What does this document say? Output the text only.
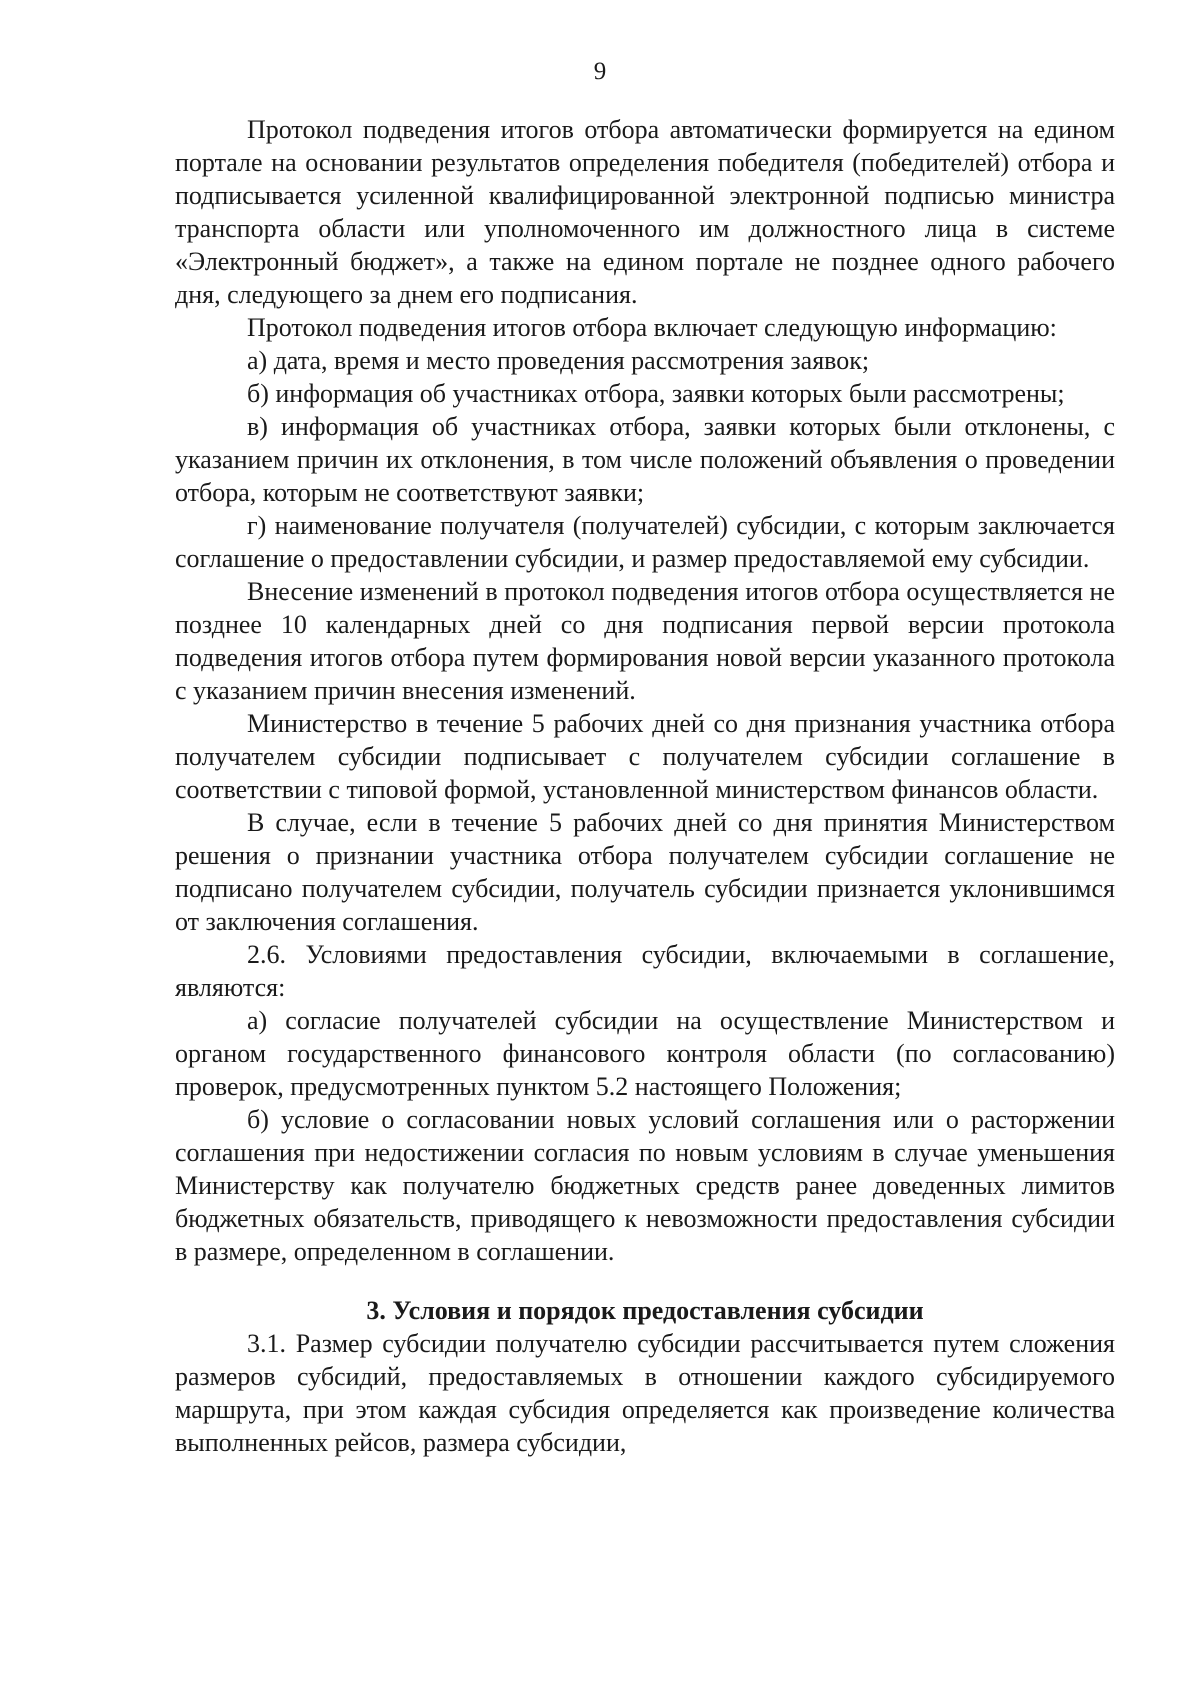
9

Протокол подведения итогов отбора автоматически формируется на едином портале на основании результатов определения победителя (победителей) отбора и подписывается усиленной квалифицированной электронной подписью министра транспорта области или уполномоченного им должностного лица в системе «Электронный бюджет», а также на едином портале не позднее одного рабочего дня, следующего за днем его подписания.

Протокол подведения итогов отбора включает следующую информацию:

а) дата, время и место проведения рассмотрения заявок;

б) информация об участниках отбора, заявки которых были рассмотрены;

в) информация об участниках отбора, заявки которых были отклонены, с указанием причин их отклонения, в том числе положений объявления о проведении отбора, которым не соответствуют заявки;

г) наименование получателя (получателей) субсидии, с которым заключается соглашение о предоставлении субсидии, и размер предоставляемой ему субсидии.

Внесение изменений в протокол подведения итогов отбора осуществляется не позднее 10 календарных дней со дня подписания первой версии протокола подведения итогов отбора путем формирования новой версии указанного протокола с указанием причин внесения изменений.

Министерство в течение 5 рабочих дней со дня признания участника отбора получателем субсидии подписывает с получателем субсидии соглашение в соответствии с типовой формой, установленной министерством финансов области.

В случае, если в течение 5 рабочих дней со дня принятия Министерством решения о признании участника отбора получателем субсидии соглашение не подписано получателем субсидии, получатель субсидии признается уклонившимся от заключения соглашения.

2.6. Условиями предоставления субсидии, включаемыми в соглашение, являются:

а) согласие получателей субсидии на осуществление Министерством и органом государственного финансового контроля области (по согласованию) проверок, предусмотренных пунктом 5.2 настоящего Положения;

б) условие о согласовании новых условий соглашения или о расторжении соглашения при недостижении согласия по новым условиям в случае уменьшения Министерству как получателю бюджетных средств ранее доведенных лимитов бюджетных обязательств, приводящего к невозможности предоставления субсидии в размере, определенном в соглашении.

3. Условия и порядок предоставления субсидии

3.1. Размер субсидии получателю субсидии рассчитывается путем сложения размеров субсидий, предоставляемых в отношении каждого субсидируемого маршрута, при этом каждая субсидия определяется как произведение количества выполненных рейсов, размера субсидии,
